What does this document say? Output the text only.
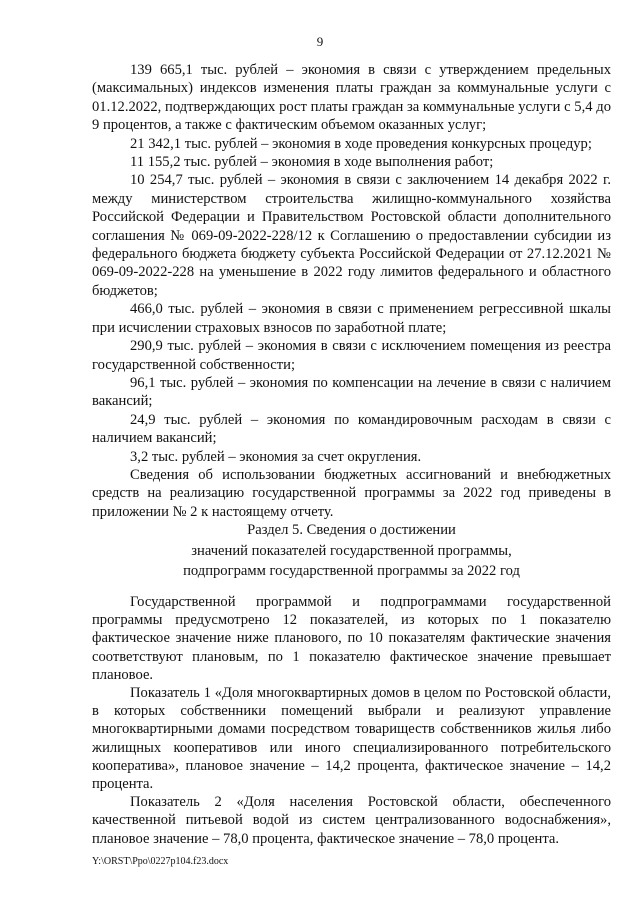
9

139 665,1 тыс. рублей – экономия в связи с утверждением предельных (максимальных) индексов изменения платы граждан за коммунальные услуги с 01.12.2022, подтверждающих рост платы граждан за коммунальные услуги с 5,4 до 9 процентов, а также с фактическим объемом оказанных услуг;

21 342,1 тыс. рублей – экономия в ходе проведения конкурсных процедур;

11 155,2 тыс. рублей – экономия в ходе выполнения работ;

10 254,7 тыс. рублей – экономия в связи с заключением 14 декабря 2022 г. между министерством строительства жилищно-коммунального хозяйства Российской Федерации и Правительством Ростовской области дополнительного соглашения № 069-09-2022-228/12 к Соглашению о предоставлении субсидии из федерального бюджета бюджету субъекта Российской Федерации от 27.12.2021 № 069-09-2022-228 на уменьшение в 2022 году лимитов федерального и областного бюджетов;

466,0 тыс. рублей – экономия в связи с применением регрессивной шкалы при исчислении страховых взносов по заработной плате;

290,9 тыс. рублей – экономия в связи с исключением помещения из реестра государственной собственности;

96,1 тыс. рублей – экономия по компенсации на лечение в связи с наличием вакансий;

24,9 тыс. рублей – экономия по командировочным расходам в связи с наличием вакансий;

3,2 тыс. рублей – экономия за счет округления.

Сведения об использовании бюджетных ассигнований и внебюджетных средств на реализацию государственной программы за 2022 год приведены в приложении № 2 к настоящему отчету.

Раздел 5. Сведения о достижении
значений показателей государственной программы,
подпрограмм государственной программы за 2022 год

Государственной программой и подпрограммами государственной программы предусмотрено 12 показателей, из которых по 1 показателю фактическое значение ниже планового, по 10 показателям фактические значения соответствуют плановым, по 1 показателю фактическое значение превышает плановое.

Показатель 1 «Доля многоквартирных домов в целом по Ростовской области, в которых собственники помещений выбрали и реализуют управление многоквартирными домами посредством товариществ собственников жилья либо жилищных кооперативов или иного специализированного потребительского кооператива», плановое значение – 14,2 процента, фактическое значение – 14,2 процента.

Показатель 2 «Доля населения Ростовской области, обеспеченного качественной питьевой водой из систем централизованного водоснабжения», плановое значение – 78,0 процента, фактическое значение – 78,0 процента.

Y:\ORST\Ppo\0227p104.f23.docx
